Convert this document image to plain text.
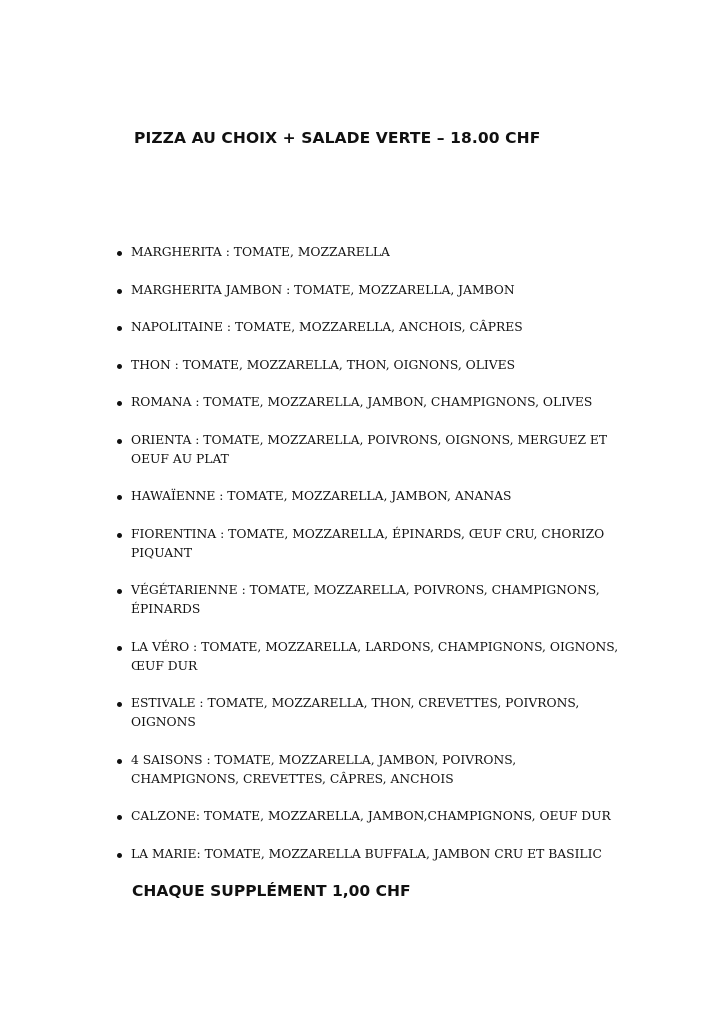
PIZZA AU CHOIX + SALADE VERTE – 18.00 CHF
MARGHERITA : TOMATE, MOZZARELLA
MARGHERITA JAMBON : TOMATE, MOZZARELLA, JAMBON
NAPOLITAINE : TOMATE, MOZZARELLA, ANCHOIS, CÂPRES
THON : TOMATE, MOZZARELLA, THON, OIGNONS, OLIVES
ROMANA : TOMATE, MOZZARELLA, JAMBON, CHAMPIGNONS, OLIVES
ORIENTA : TOMATE, MOZZARELLA, POIVRONS, OIGNONS, MERGUEZ ET OEUF AU PLAT
HAWAÏENNE : TOMATE, MOZZARELLA, JAMBON, ANANAS
FIORENTINA : TOMATE, MOZZARELLA, ÉPINARDS, ŒUF CRU, CHORIZO PIQUANT
VÉGÉTARIENNE : TOMATE, MOZZARELLA, POIVRONS, CHAMPIGNONS, ÉPINARDS
LA VÉRO : TOMATE, MOZZARELLA, LARDONS, CHAMPIGNONS, OIGNONS, ŒUF DUR
ESTIVALE : TOMATE, MOZZARELLA, THON, CREVETTES, POIVRONS, OIGNONS
4 SAISONS : TOMATE, MOZZARELLA, JAMBON, POIVRONS, CHAMPIGNONS, CREVETTES, CÂPRES, ANCHOIS
CALZONE: TOMATE, MOZZARELLA, JAMBON,CHAMPIGNONS, OEUF DUR
LA MARIE: TOMATE, MOZZARELLA BUFFALA, JAMBON CRU ET BASILIC
CHAQUE SUPPLÉMENT 1,00 CHF
